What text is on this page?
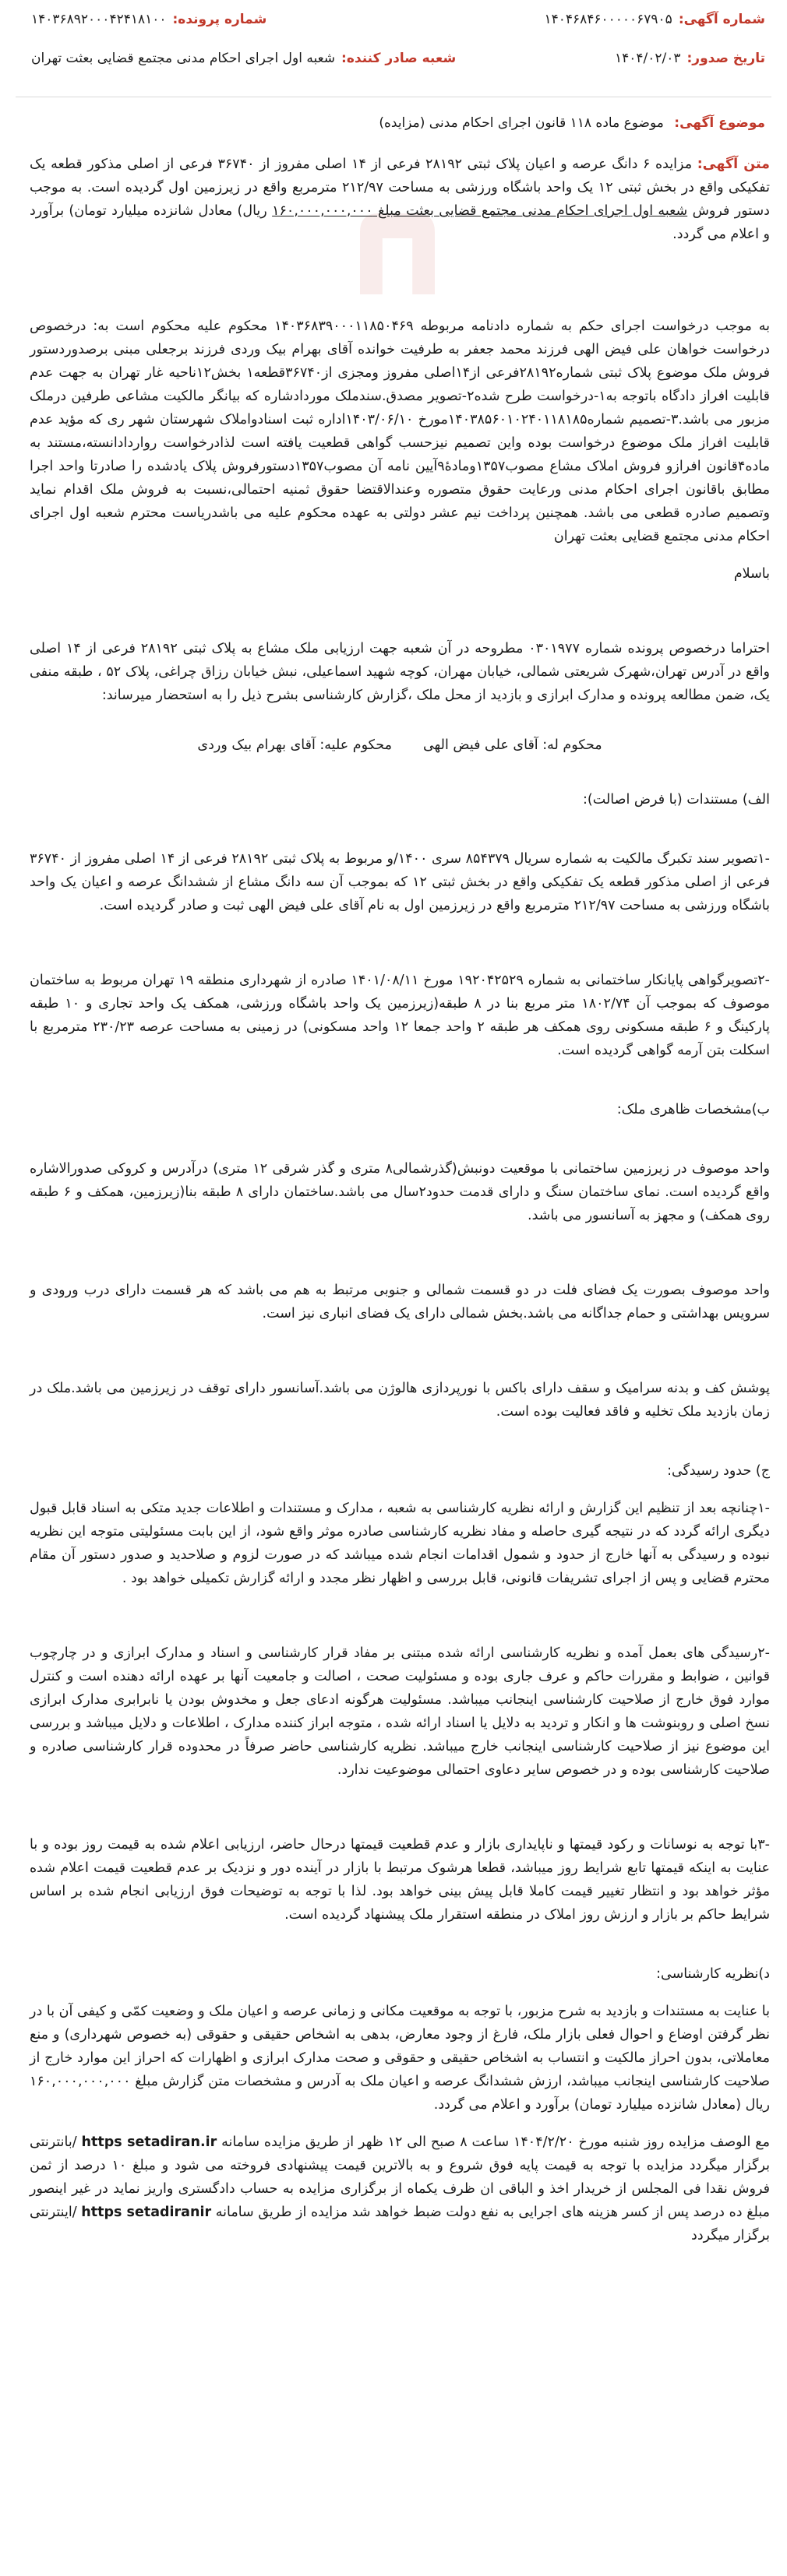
شماره آگهی:
۱۴۰۴۶۸۴۶۰۰۰۰۰۶۷۹۰۵
شماره پرونده:
۱۴۰۳۶۸۹۲۰۰۰۴۲۴۱۸۱۰۰
تاریخ صدور:
۱۴۰۴/۰۲/۰۳
شعبه صادر کننده:
شعبه اول اجرای احکام مدنی مجتمع قضایی بعثت تهران
موضوع آگهی: موضوع ماده ۱۱۸ قانون اجرای احکام مدنی (مزایده)

متن آگهی: مزایده ۶ دانگ عرصه و اعیان پلاک ثبتی ۲۸۱۹۲ فرعی از ۱۴ اصلی مفروز از ۳۶۷۴۰ فرعی از اصلی مذکور قطعه یک تفکیکی واقع در بخش ثبتی ۱۲ یک واحد باشگاه ورزشی به مساحت ۲۱۲/۹۷ مترمربع واقع در زیرزمین اول گردیده است. به موجب دستور فروش شعبه اول اجرای احکام مدنی مجتمع قضایی بعثت مبلغ ۱۶۰,۰۰۰,۰۰۰,۰۰۰ ریال) معادل شانزده میلیارد تومان) برآورد و اعلام می گردد.

به موجب درخواست اجرای حکم به شماره دادنامه مربوطه ۱۴۰۳۶۸۳۹۰۰۰۱۱۸۵۰۴۶۹ محکوم علیه محکوم است به: درخصوص درخواست خواهان علی فیض الهی فرزند محمد جعفر به طرفیت خوانده آقای بهرام بیک وردی فرزند برجعلی مبنی برصدوردستور فروش ملک موضوع پلاک ثبتی شماره۲۸۱۹۲فرعی از۱۴اصلی مفروز ومجزی از۳۶۷۴۰قطعه۱ بخش۱۲ناحیه غار تهران به جهت عدم قابلیت افراز دادگاه باتوجه به۱-درخواست طرح شده۲-تصویر مصدق.سندملک موردادشاره که بیانگر مالکیت مشاعی طرفین درملک مزبور می باشد.۳-تصمیم شماره۱۴۰۳۸۵۶۰۱۰۲۴۰۱۱۸۱۸۵مورخ ۱۴۰۳/۰۶/۱۰اداره ثبت اسنادواملاک شهرستان شهر ری که مؤید عدم قابلیت افراز ملک موضوع درخواست بوده واین تصمیم نیزحسب گواهی قطعیت یافته است لذادرخواست رواردادانسته،مستند به ماده۴قانون افرازو فروش املاک مشاع مصوب۱۳۵۷ومادۀ۹آیین نامه آن مصوب۱۳۵۷دستورفروش پلاک یادشده را صادرتا واحد اجرا مطابق باقانون اجرای احکام مدنی ورعایت حقوق متصوره وعندالاقتضا حقوق ثمنیه احتمالی،نسبت به فروش ملک اقدام نماید وتصمیم صادره قطعی می باشد. همچنین پرداخت نیم عشر دولتی به عهده محکوم علیه می باشدریاست محترم شعبه اول اجرای احکام مدنی مجتمع قضایی بعثت تهران

باسلام

احتراما درخصوص پرونده شماره ۰۳۰۱۹۷۷ مطروحه در آن شعبه جهت ارزیابی ملک مشاع به پلاک ثبتی ۲۸۱۹۲ فرعی از ۱۴ اصلی واقع در آدرس تهران،شهرک شریعتی شمالی، خیابان مهران، کوچه شهید اسماعیلی، نبش خیابان رزاق چراغی، پلاک ۵۲ ، طبقه منفی یک، ضمن مطالعه پرونده و مدارک ابرازی و بازدید از محل ملک ،گزارش کارشناسی بشرح ذیل را به استحضار میرساند:

محکوم له: آقای علی فیض الهی
محکوم علیه: آقای بهرام بیک وردی

الف) مستندات (با فرض اصالت):

-۱تصویر سند تکبرگ مالکیت به شماره سریال ۸۵۴۳۷۹ سری ۱۴۰۰/و مربوط به پلاک ثبتی ۲۸۱۹۲ فرعی از ۱۴ اصلی مفروز از ۳۶۷۴۰ فرعی از اصلی مذکور قطعه یک تفکیکی واقع در بخش ثبتی ۱۲ که بموجب آن سه دانگ مشاع از ششدانگ عرصه و اعیان یک واحد باشگاه ورزشی به مساحت ۲۱۲/۹۷ مترمربع واقع در زیرزمین اول به نام آقای علی فیض الهی ثبت و صادر گردیده است.

-۲تصویرگواهی پایانکار ساختمانی به شماره ۱۹۲۰۴۲۵۲۹ مورخ ۱۴۰۱/۰۸/۱۱ صادره از شهرداری منطقه ۱۹ تهران مربوط به ساختمان موصوف که بموجب آن ۱۸۰۲/۷۴ متر مربع بنا در ۸ طبقه(زیرزمین یک واحد باشگاه ورزشی، همکف یک واحد تجاری و ۱۰ طبقه پارکینگ و ۶ طبقه مسکونی روی همکف هر طبقه ۲ واحد جمعا ۱۲ واحد مسکونی) در زمینی به مساحت عرصه ۲۳۰/۲۳ مترمربع با اسکلت بتن آرمه گواهی گردیده است.

ب)مشخصات ظاهری ملک:

واحد موصوف در زیرزمین ساختمانی با موقعیت دونبش(گذرشمالی۸ متری و گذر شرقی ۱۲ متری) درآدرس و کروکی صدورالاشاره واقع گردیده است. نمای ساختمان سنگ و دارای قدمت حدود۲سال می باشد.ساختمان دارای ۸ طبقه بنا(زیرزمین، همکف و ۶ طبقه روی همکف) و مجهز به آسانسور می باشد.

واحد موصوف بصورت یک فضای فلت در دو قسمت شمالی و جنوبی مرتبط به هم می باشد که هر قسمت دارای درب ورودی و سرویس بهداشتی و حمام جداگانه می باشد.بخش شمالی دارای یک فضای انباری نیز است.

پوشش کف و بدنه سرامیک و سقف دارای باکس با نورپردازی هالوژن می باشد.آسانسور دارای توقف در زیرزمین می باشد.ملک در زمان بازدید ملک تخلیه و فاقد فعالیت بوده است.

ج) حدود رسیدگی:

-۱چنانچه بعد از تنظیم این گزارش و ارائه نظریه کارشناسی به شعبه ، مدارک و مستندات و اطلاعات جدید متکی به اسناد قابل قبول دیگری ارائه گردد که در نتیجه گیری حاصله و مفاد نظریه کارشناسی صادره موثر واقع شود، از این بابت مسئولیتی متوجه این نظریه نبوده و رسیدگی به آنها خارج از حدود و شمول اقدامات انجام شده میباشد که در صورت لزوم و صلاحدید و صدور دستور آن مقام محترم قضایی و پس از اجرای تشریفات قانونی، قابل بررسی و اظهار نظر مجدد و ارائه گزارش تکمیلی خواهد بود .

-۲رسیدگی های بعمل آمده و نظریه کارشناسی ارائه شده مبتنی بر مفاد قرار کارشناسی و اسناد و مدارک ابرازی و در چارچوب قوانین ، ضوابط و مقررات حاکم و عرف جاری بوده و مسئولیت صحت ، اصالت و جامعیت آنها بر عهده ارائه دهنده است و کنترل موارد فوق خارج از صلاحیت کارشناسی اینجانب میباشد. مسئولیت هرگونه ادعای جعل و مخدوش بودن یا نابرابری مدارک ابرازی نسخ اصلی و روبنوشت ها و انکار و تردید به دلایل یا اسناد ارائه شده ، متوجه ابراز کننده مدارک ، اطلاعات و دلایل میباشد و بررسی این موضوع نیز از صلاحیت کارشناسی اینجانب خارج میباشد. نظریه کارشناسی حاضر صرفاً در محدوده قرار کارشناسی صادره و صلاحیت کارشناسی بوده و در خصوص سایر دعاوی احتمالی موضوعیت ندارد.

-۳با توجه به نوسانات و رکود قیمتها و ناپایداری بازار و عدم قطعیت قیمتها درحال حاضر، ارزیابی اعلام شده به قیمت روز بوده و با عنایت به اینکه قیمتها تابع شرایط روز میباشد، قطعا هرشوک مرتبط با بازار در آینده دور و نزدیک بر عدم قطعیت قیمت اعلام شده مؤثر خواهد بود و انتظار تغییر قیمت کاملا قابل پیش بینی خواهد بود. لذا با توجه به توضیحات فوق ارزیابی انجام شده بر اساس شرایط حاکم بر بازار و ارزش روز املاک در منطقه استقرار ملک پیشنهاد گردیده است.

د)نظریه کارشناسی:

با عنایت به مستندات و بازدید به شرح مزبور، با توجه به موقعیت مکانی و زمانی عرصه و اعیان ملک و وضعیت کمّی و کیفی آن با در نظر گرفتن اوضاع و احوال فعلی بازار ملک، فارغ از وجود معارض، بدهی به اشخاص حقیقی و حقوقی (به خصوص شهرداری) و منع معاملاتی، بدون احراز مالکیت و انتساب به اشخاص حقیقی و حقوقی و صحت مدارک ابرازی و اظهارات که احراز این موارد خارج از صلاحیت کارشناسی اینجانب میباشد، ارزش ششدانگ عرصه و اعیان ملک به آدرس و مشخصات متن گزارش مبلغ ۱۶۰,۰۰۰,۰۰۰,۰۰۰ ریال (معادل شانزده میلیارد تومان) برآورد و اعلام می گردد.

مع الوصف مزایده روز شنبه مورخ ۱۴۰۴/۲/۲۰ ساعت ۸ صبح الی ۱۲ ظهر از طریق مزایده سامانه https setadiran.ir /بانترنتی برگزار میگردد مزایده با توجه به قیمت پایه فوق شروع و به بالاترین قیمت پیشنهادی فروخته می شود و مبلغ ۱۰ درصد از ثمن فروش نقدا فی المجلس از خریدار اخذ و الباقی ان ظرف یکماه از برگزاری مزایده به حساب دادگستری واریز نماید در غیر اینصور مبلغ ده درصد پس از کسر هزینه های اجرایی به نفع دولت ضبط خواهد شد مزایده از طریق سامانه https setadiranir /اینترنتی برگزار میگردد
